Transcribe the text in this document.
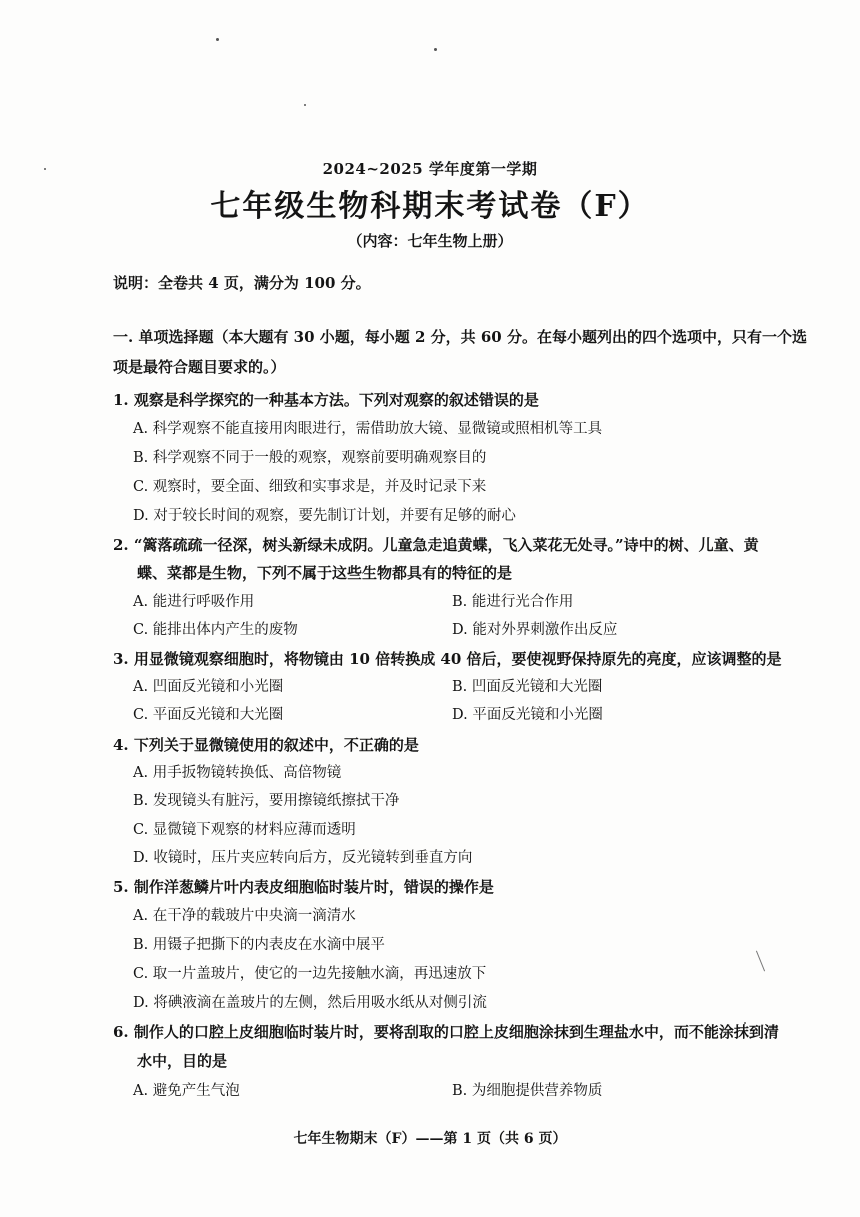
2024~2025 学年度第一学期
七年级生物科期末考试卷（F）
（内容：七年生物上册）
说明：全卷共 4 页，满分为 100 分。
一. 单项选择题（本大题有 30 小题，每小题 2 分，共 60 分。在每小题列出的四个选项中，只有一个选
项是最符合题目要求的。）
1. 观察是科学探究的一种基本方法。下列对观察的叙述错误的是
A. 科学观察不能直接用肉眼进行，需借助放大镜、显微镜或照相机等工具
B. 科学观察不同于一般的观察，观察前要明确观察目的
C. 观察时，要全面、细致和实事求是，并及时记录下来
D. 对于较长时间的观察，要先制订计划，并要有足够的耐心
2. “篱落疏疏一径深，树头新绿未成阴。儿童急走追黄蝶，飞入菜花无处寻。”诗中的树、儿童、黄
蝶、菜都是生物，下列不属于这些生物都具有的特征的是
A. 能进行呼吸作用	B. 能进行光合作用
C. 能排出体内产生的废物	D. 能对外界刺激作出反应
3. 用显微镜观察细胞时，将物镜由 10 倍转换成 40 倍后，要使视野保持原先的亮度，应该调整的是
A. 凹面反光镜和小光圈	B. 凹面反光镜和大光圈
C. 平面反光镜和大光圈	D. 平面反光镜和小光圈
4. 下列关于显微镜使用的叙述中，不正确的是
A. 用手扳物镜转换低、高倍物镜
B. 发现镜头有脏污，要用擦镜纸擦拭干净
C. 显微镜下观察的材料应薄而透明
D. 收镜时，压片夹应转向后方，反光镜转到垂直方向
5. 制作洋葱鳞片叶内表皮细胞临时装片时，错误的操作是
A. 在干净的载玻片中央滴一滴清水
B. 用镊子把撕下的内表皮在水滴中展平
C. 取一片盖玻片，使它的一边先接触水滴，再迅速放下
D. 将碘液滴在盖玻片的左侧，然后用吸水纸从对侧引流
6. 制作人的口腔上皮细胞临时装片时，要将刮取的口腔上皮细胞涂抹到生理盐水中，而不能涂抹到清
水中，目的是
A. 避免产生气泡	B. 为细胞提供营养物质
七年生物期末（F）——第 1 页（共 6 页）
